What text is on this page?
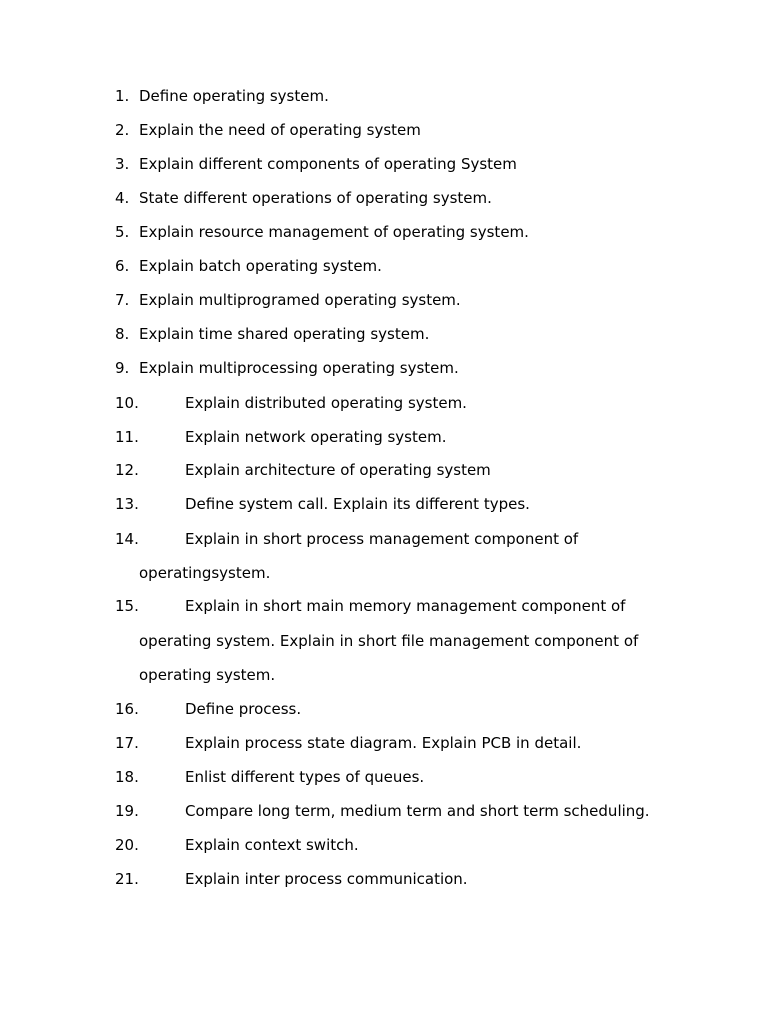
1. Define operating system.
2. Explain the need of operating system
3. Explain different components of operating System
4. State different operations of operating system.
5. Explain resource management of operating system.
6. Explain batch operating system.
7. Explain multiprogramed operating system.
8. Explain time shared operating system.
9. Explain multiprocessing operating system.
10.	Explain distributed operating system.
11.	Explain network operating system.
12.	Explain architecture of operating system
13.	Define system call. Explain its different types.
14.	Explain in short process management component of
operatingsystem.
15.	Explain in short main memory management component of
operating system. Explain in short file management component of
operating system.
16.	Define process.
17.	Explain process state diagram. Explain PCB in detail.
18.	Enlist different types of queues.
19.	Compare long term, medium term and short term scheduling.
20.	Explain context switch.
21.	Explain inter process communication.
